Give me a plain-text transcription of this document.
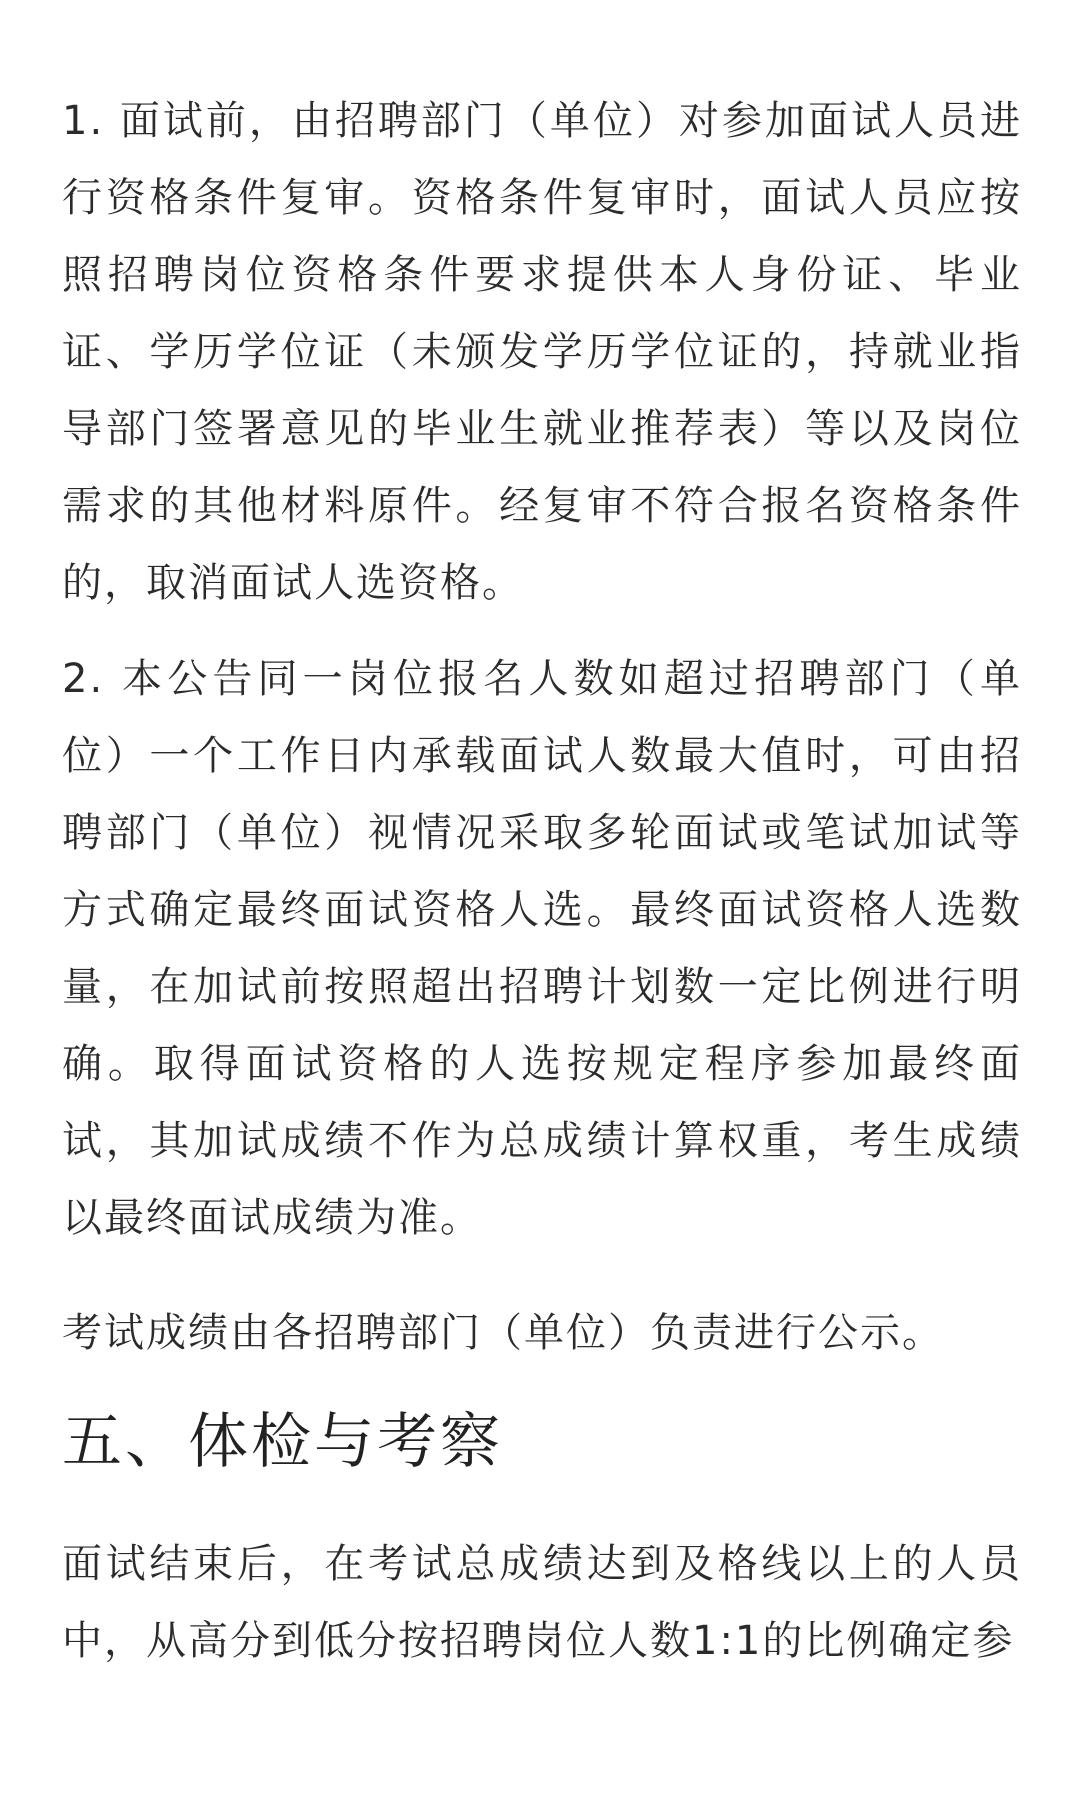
1. 面试前，由招聘部门（单位）对参加面试人员进行资格条件复审。资格条件复审时，面试人员应按照招聘岗位资格条件要求提供本人身份证、毕业证、学历学位证（未颁发学历学位证的，持就业指导部门签署意见的毕业生就业推荐表）等以及岗位需求的其他材料原件。经复审不符合报名资格条件的，取消面试人选资格。

2. 本公告同一岗位报名人数如超过招聘部门（单位）一个工作日内承载面试人数最大值时，可由招聘部门（单位）视情况采取多轮面试或笔试加试等方式确定最终面试资格人选。最终面试资格人选数量，在加试前按照超出招聘计划数一定比例进行明确。取得面试资格的人选按规定程序参加最终面试，其加试成绩不作为总成绩计算权重，考生成绩以最终面试成绩为准。

考试成绩由各招聘部门（单位）负责进行公示。

五、体检与考察

面试结束后，在考试总成绩达到及格线以上的人员中，从高分到低分按招聘岗位人数1:1的比例确定参
